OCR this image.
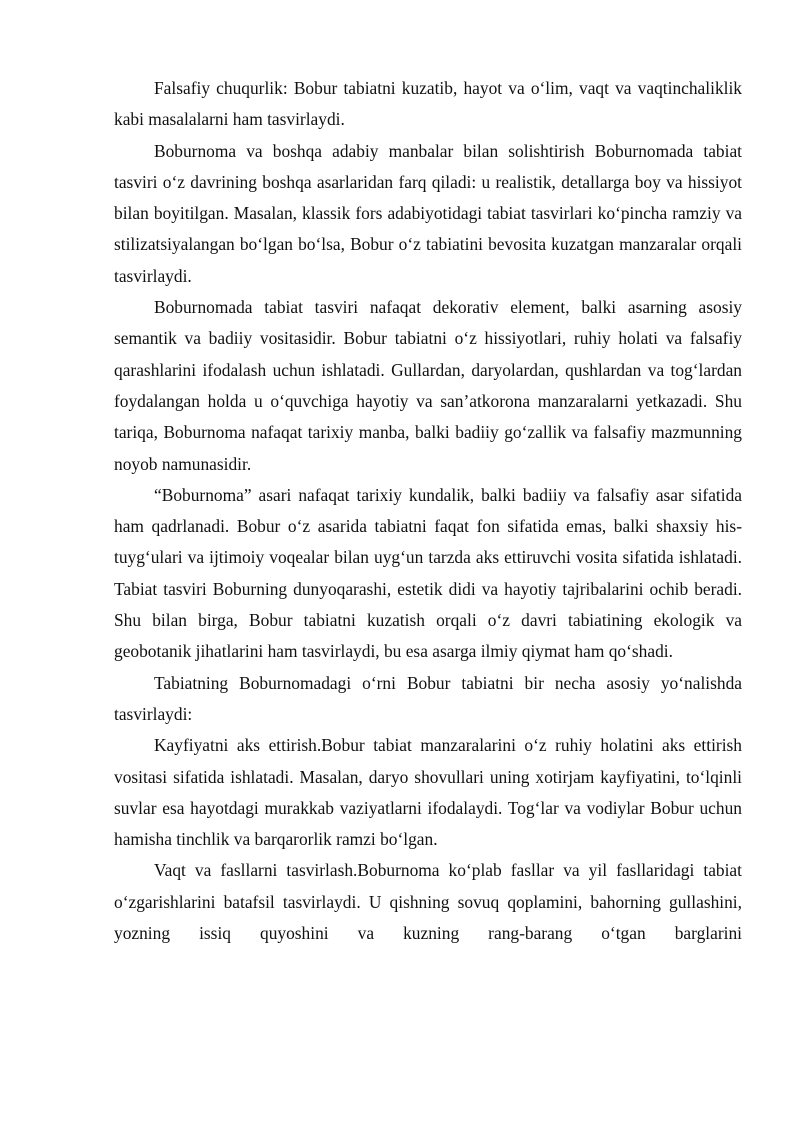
Falsafiy chuqurlik: Bobur tabiatni kuzatib, hayot va o‘lim, vaqt va vaqtinchaliklik kabi masalalarni ham tasvirlaydi.

Boburnoma va boshqa adabiy manbalar bilan solishtirish Boburnomada tabiat tasviri o‘z davrining boshqa asarlaridan farq qiladi: u realistik, detallarga boy va hissiyot bilan boyitilgan. Masalan, klassik fors adabiyotidagi tabiat tasvirlari ko‘pincha ramziy va stilizatsiyalangan bo‘lgan bo‘lsa, Bobur o‘z tabiatini bevosita kuzatgan manzaralar orqali tasvirlaydi.

Boburnomada tabiat tasviri nafaqat dekorativ element, balki asarning asosiy semantik va badiiy vositasidir. Bobur tabiatni o‘z hissiyotlari, ruhiy holati va falsafiy qarashlarini ifodalash uchun ishlatadi. Gullardan, daryolardan, qushlardan va tog‘lardan foydalangan holda u o‘quvchiga hayotiy va san’atkorona manzaralarni yetkazadi. Shu tariqa, Boburnoma nafaqat tarixiy manba, balki badiiy go‘zallik va falsafiy mazmunning noyob namunasidir.

“Boburnoma” asari nafaqat tarixiy kundalik, balki badiiy va falsafiy asar sifatida ham qadrlanadi. Bobur o‘z asarida tabiatni faqat fon sifatida emas, balki shaxsiy his-tuyg‘ulari va ijtimoiy voqealar bilan uyg‘un tarzda aks ettiruvchi vosita sifatida ishlatadi. Tabiat tasviri Boburning dunyoqarashi, estetik didi va hayotiy tajribalarini ochib beradi. Shu bilan birga, Bobur tabiatni kuzatish orqali o‘z davri tabiatining ekologik va geobotanik jihatlarini ham tasvirlaydi, bu esa asarga ilmiy qiymat ham qo‘shadi.

Tabiatning Boburnomadagi o‘rni Bobur tabiatni bir necha asosiy yo‘nalishda tasvirlaydi:

Kayfiyatni aks ettirish.Bobur tabiat manzaralarini o‘z ruhiy holatini aks ettirish vositasi sifatida ishlatadi. Masalan, daryo shovullari uning xotirjam kayfiyatini, to‘lqinli suvlar esa hayotdagi murakkab vaziyatlarni ifodalaydi. Tog‘lar va vodiylar Bobur uchun hamisha tinchlik va barqarorlik ramzi bo‘lgan.

Vaqt va fasllarni tasvirlash.Boburnoma ko‘plab fasllar va yil fasllaridagi tabiat o‘zgarishlarini batafsil tasvirlaydi. U qishning sovuq qoplamini, bahorning gullashini, yozning issiq quyoshini va kuzning rang-barang o‘tgan barglarini
